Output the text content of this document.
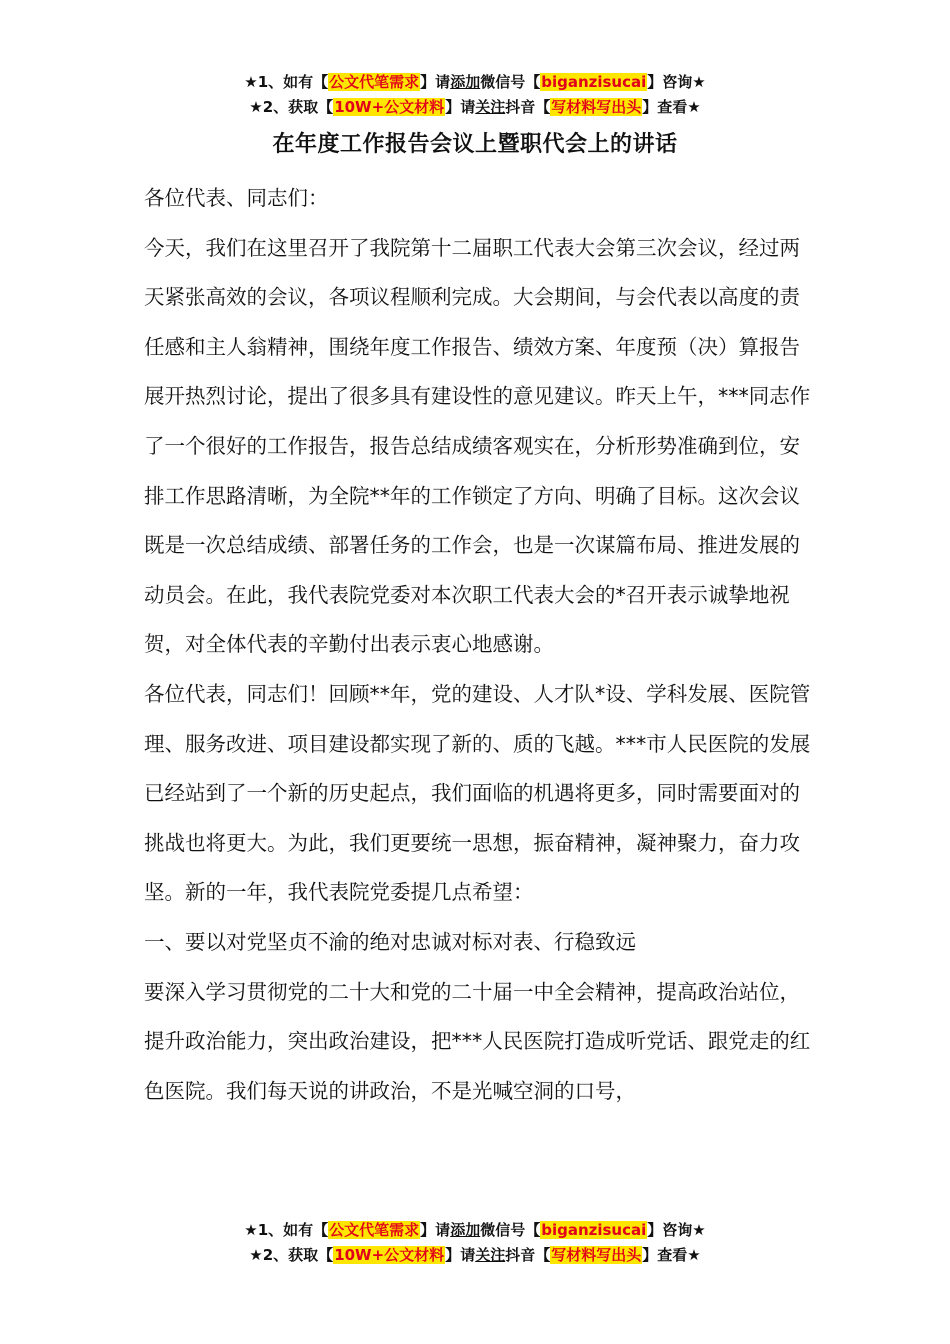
★1、如有【公文代笔需求】请添加微信号【biganzisucai】咨询★
★2、获取【10W+公文材料】请关注抖音【写材料写出头】查看★
在年度工作报告会议上暨职代会上的讲话

各位代表、同志们：

今天，我们在这里召开了我院第十二届职工代表大会第三次会议，经过两天紧张高效的会议，各项议程顺利完成。大会期间，与会代表以高度的责任感和主人翁精神，围绕年度工作报告、绩效方案、年度预（决）算报告展开热烈讨论，提出了很多具有建设性的意见建议。昨天上午，***同志作了一个很好的工作报告，报告总结成绩客观实在，分析形势准确到位，安排工作思路清晰，为全院**年的工作锁定了方向、明确了目标。这次会议既是一次总结成绩、部署任务的工作会，也是一次谋篇布局、推进发展的动员会。在此，我代表院党委对本次职工代表大会的*召开表示诚挚地祝贺，对全体代表的辛勤付出表示衷心地感谢。

各位代表，同志们！回顾**年，党的建设、人才队*设、学科发展、医院管理、服务改进、项目建设都实现了新的、质的飞越。***市人民医院的发展已经站到了一个新的历史起点，我们面临的机遇将更多，同时需要面对的挑战也将更大。为此，我们更要统一思想，振奋精神，凝神聚力，奋力攻坚。新的一年，我代表院党委提几点希望：

一、要以对党坚贞不渝的绝对忠诚对标对表、行稳致远

要深入学习贯彻党的二十大和党的二十届一中全会精神，提高政治站位，提升政治能力，突出政治建设，把***人民医院打造成听党话、跟党走的红色医院。我们每天说的讲政治，不是光喊空洞的口号，

★1、如有【公文代笔需求】请添加微信号【biganzisucai】咨询★
★2、获取【10W+公文材料】请关注抖音【写材料写出头】查看★
